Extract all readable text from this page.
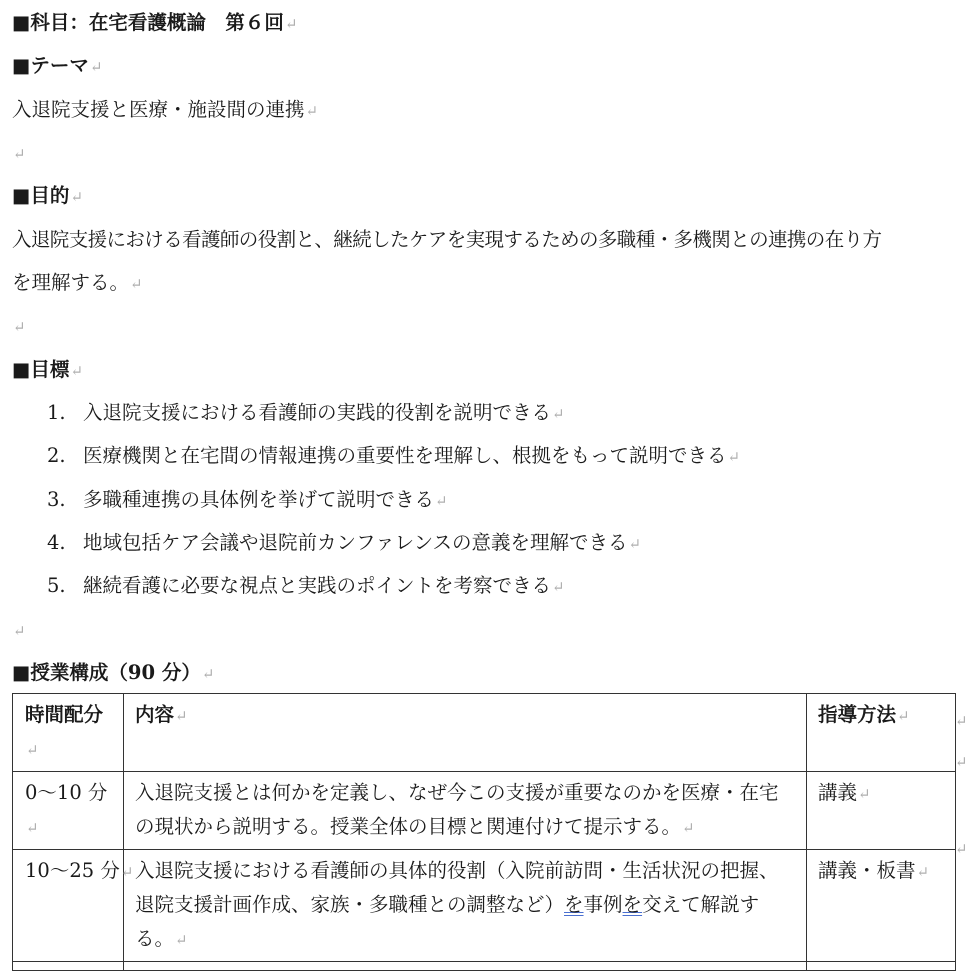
■科目：在宅看護概論　第６回↵
■テーマ↵
入退院支援と医療・施設間の連携↵
↵
■目的↵
入退院支援における看護師の役割と、継続したケアを実現するための多職種・多機関との連携の在り方
を理解する。↵
↵
■目標↵
1. 入退院支援における看護師の実践的役割を説明できる↵
2. 医療機関と在宅間の情報連携の重要性を理解し、根拠をもって説明できる↵
3. 多職種連携の具体例を挙げて説明できる↵
4. 地域包括ケア会議や退院前カンファレンスの意義を理解できる↵
5. 継続看護に必要な視点と実践のポイントを考察できる↵
↵
■授業構成（90 分）↵
時間配分↵	内容↵	指導方法↵
0〜10 分↵	入退院支援とは何かを定義し、なぜ今この支援が重要なのかを医療・在宅の現状から説明する。授業全体の目標と関連付けて提示する。↵	講義↵
10〜25 分↵	入退院支援における看護師の具体的役割（入院前訪問・生活状況の把握、退院支援計画作成、家族・多職種との調整など）を事例を交えて解説する。↵	講義・板書↵

↵
↵
↵
